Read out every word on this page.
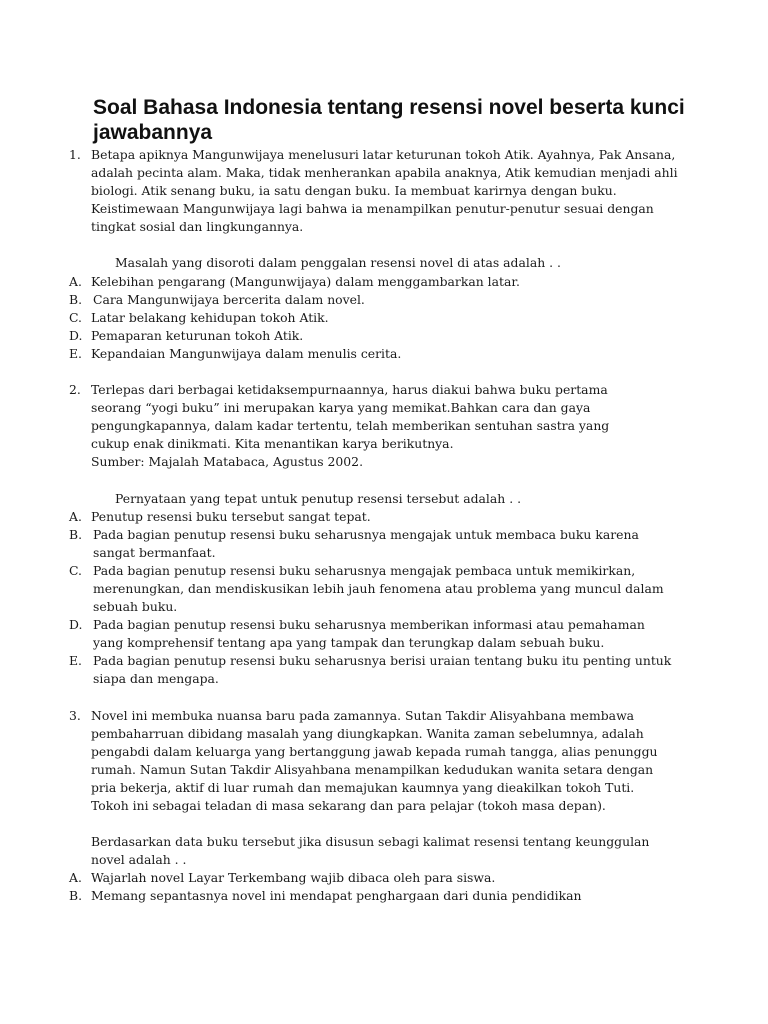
Soal Bahasa Indonesia tentang resensi novel beserta kunci jawabannya
1. Betapa apiknya Mangunwijaya menelusuri latar keturunan tokoh Atik. Ayahnya, Pak Ansana, adalah pecinta alam. Maka, tidak menherankan apabila anaknya, Atik kemudian menjadi ahli biologi. Atik senang buku, ia satu dengan buku. Ia membuat karirnya dengan buku. Keistimewaan Mangunwijaya lagi bahwa ia menampilkan penutur-penutur sesuai dengan tingkat sosial dan lingkungannya.
Masalah yang disoroti dalam penggalan resensi novel di atas adalah . .
A. Kelebihan pengarang (Mangunwijaya) dalam menggambarkan latar.
B. Cara Mangunwijaya bercerita dalam novel.
C. Latar belakang kehidupan tokoh Atik.
D. Pemaparan keturunan tokoh Atik.
E. Kepandaian Mangunwijaya dalam menulis cerita.
2. Terlepas dari berbagai ketidaksempurnaannya, harus diakui bahwa buku pertama
seorang “yogi buku” ini merupakan karya yang memikat.Bahkan cara dan gaya
pengungkapannya, dalam kadar tertentu, telah memberikan sentuhan sastra yang
cukup enak dinikmati. Kita menantikan karya berikutnya.
Sumber: Majalah Matabaca, Agustus 2002.
Pernyataan yang tepat untuk penutup resensi tersebut adalah . .
A. Penutup resensi buku tersebut sangat tepat.
B. Pada bagian penutup resensi buku seharusnya mengajak untuk membaca buku karena sangat bermanfaat.
C. Pada bagian penutup resensi buku seharusnya mengajak pembaca untuk memikirkan, merenungkan, dan mendiskusikan lebih jauh fenomena atau problema yang muncul dalam sebuah buku.
D. Pada bagian penutup resensi buku seharusnya memberikan informasi atau pemahaman yang komprehensif tentang apa yang tampak dan terungkap dalam sebuah buku.
E. Pada bagian penutup resensi buku seharusnya berisi uraian tentang buku itu penting untuk siapa dan mengapa.
3. Novel ini membuka nuansa baru pada zamannya. Sutan Takdir Alisyahbana membawa pembaharruan dibidang masalah yang diungkapkan. Wanita zaman sebelumnya, adalah pengabdi dalam keluarga yang bertanggung jawab kepada rumah tangga, alias penunggu rumah. Namun Sutan Takdir Alisyahbana menampilkan kedudukan wanita setara dengan pria bekerja, aktif di luar rumah dan memajukan kaumnya yang dieakilkan tokoh Tuti. Tokoh ini sebagai teladan di masa sekarang dan para pelajar (tokoh masa depan).
Berdasarkan data buku tersebut jika disusun sebagi kalimat resensi tentang keunggulan novel adalah . .
A. Wajarlah novel Layar Terkembang wajib dibaca oleh para siswa.
B. Memang sepantasnya novel ini mendapat penghargaan dari dunia pendidikan
